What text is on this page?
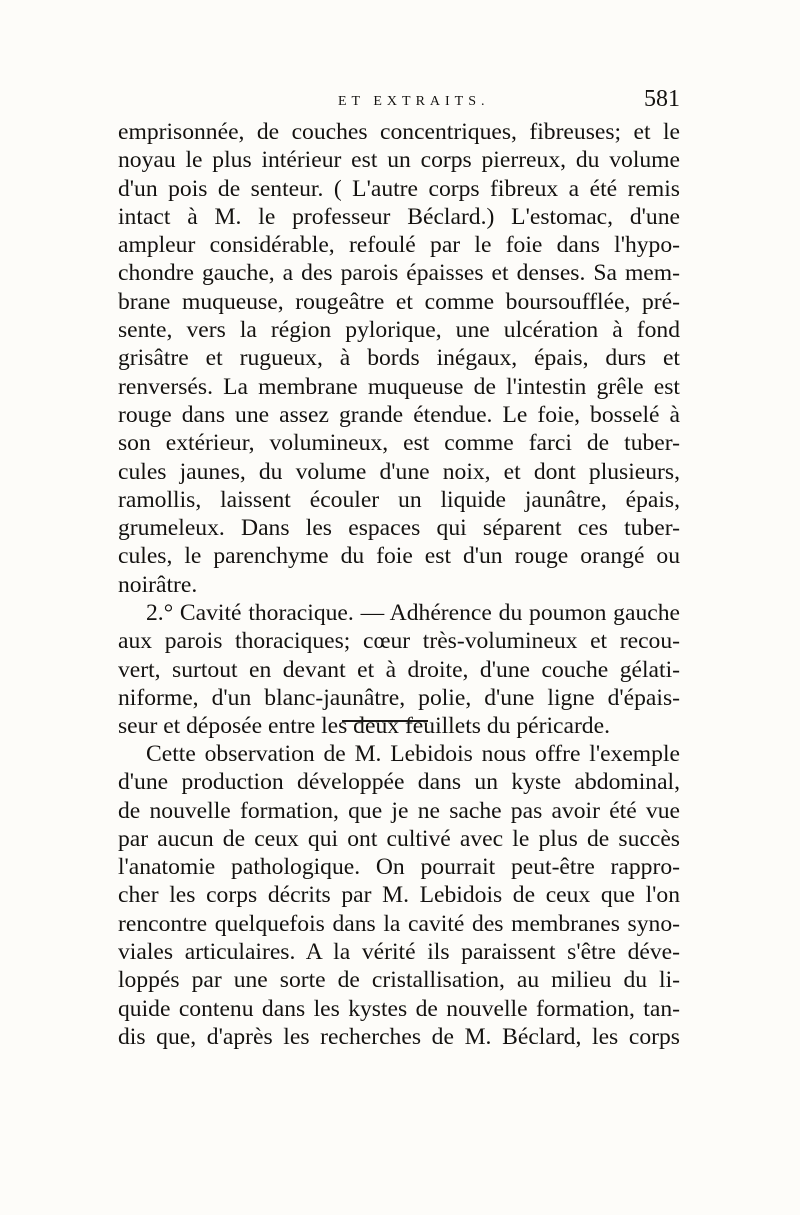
ET EXTRAITS.	581
emprisonnée, de couches concentriques, fibreuses; et le
noyau le plus intérieur est un corps pierreux, du volume
d'un pois de senteur. ( L'autre corps fibreux a été remis
intact à M. le professeur Béclard.) L'estomac, d'une
ampleur considérable, refoulé par le foie dans l'hypo-
chondre gauche, a des parois épaisses et denses. Sa mem-
brane muqueuse, rougeâtre et comme boursoufflée, pré-
sente, vers la région pylorique, une ulcération à fond
grisâtre et rugueux, à bords inégaux, épais, durs et
renversés. La membrane muqueuse de l'intestin grêle est
rouge dans une assez grande étendue. Le foie, bosselé à
son extérieur, volumineux, est comme farci de tuber-
cules jaunes, du volume d'une noix, et dont plusieurs,
ramollis, laissent écouler un liquide jaunâtre, épais,
grumeleux. Dans les espaces qui séparent ces tuber-
cules, le parenchyme du foie est d'un rouge orangé ou
noirâtre.
2.° Cavité thoracique. — Adhérence du poumon gauche
aux parois thoraciques; cœur très-volumineux et recou-
vert, surtout en devant et à droite, d'une couche gélati-
niforme, d'un blanc-jaunâtre, polie, d'une ligne d'épais-
seur et déposée entre les deux feuillets du péricarde.
Cette observation de M. Lebidois nous offre l'exemple
d'une production développée dans un kyste abdominal,
de nouvelle formation, que je ne sache pas avoir été vue
par aucun de ceux qui ont cultivé avec le plus de succès
l'anatomie pathologique. On pourrait peut-être rappro-
cher les corps décrits par M. Lebidois de ceux que l'on
rencontre quelquefois dans la cavité des membranes syno-
viales articulaires. A la vérité ils paraissent s'être déve-
loppés par une sorte de cristallisation, au milieu du li-
quide contenu dans les kystes de nouvelle formation, tan-
dis que, d'après les recherches de M. Béclard, les corps
